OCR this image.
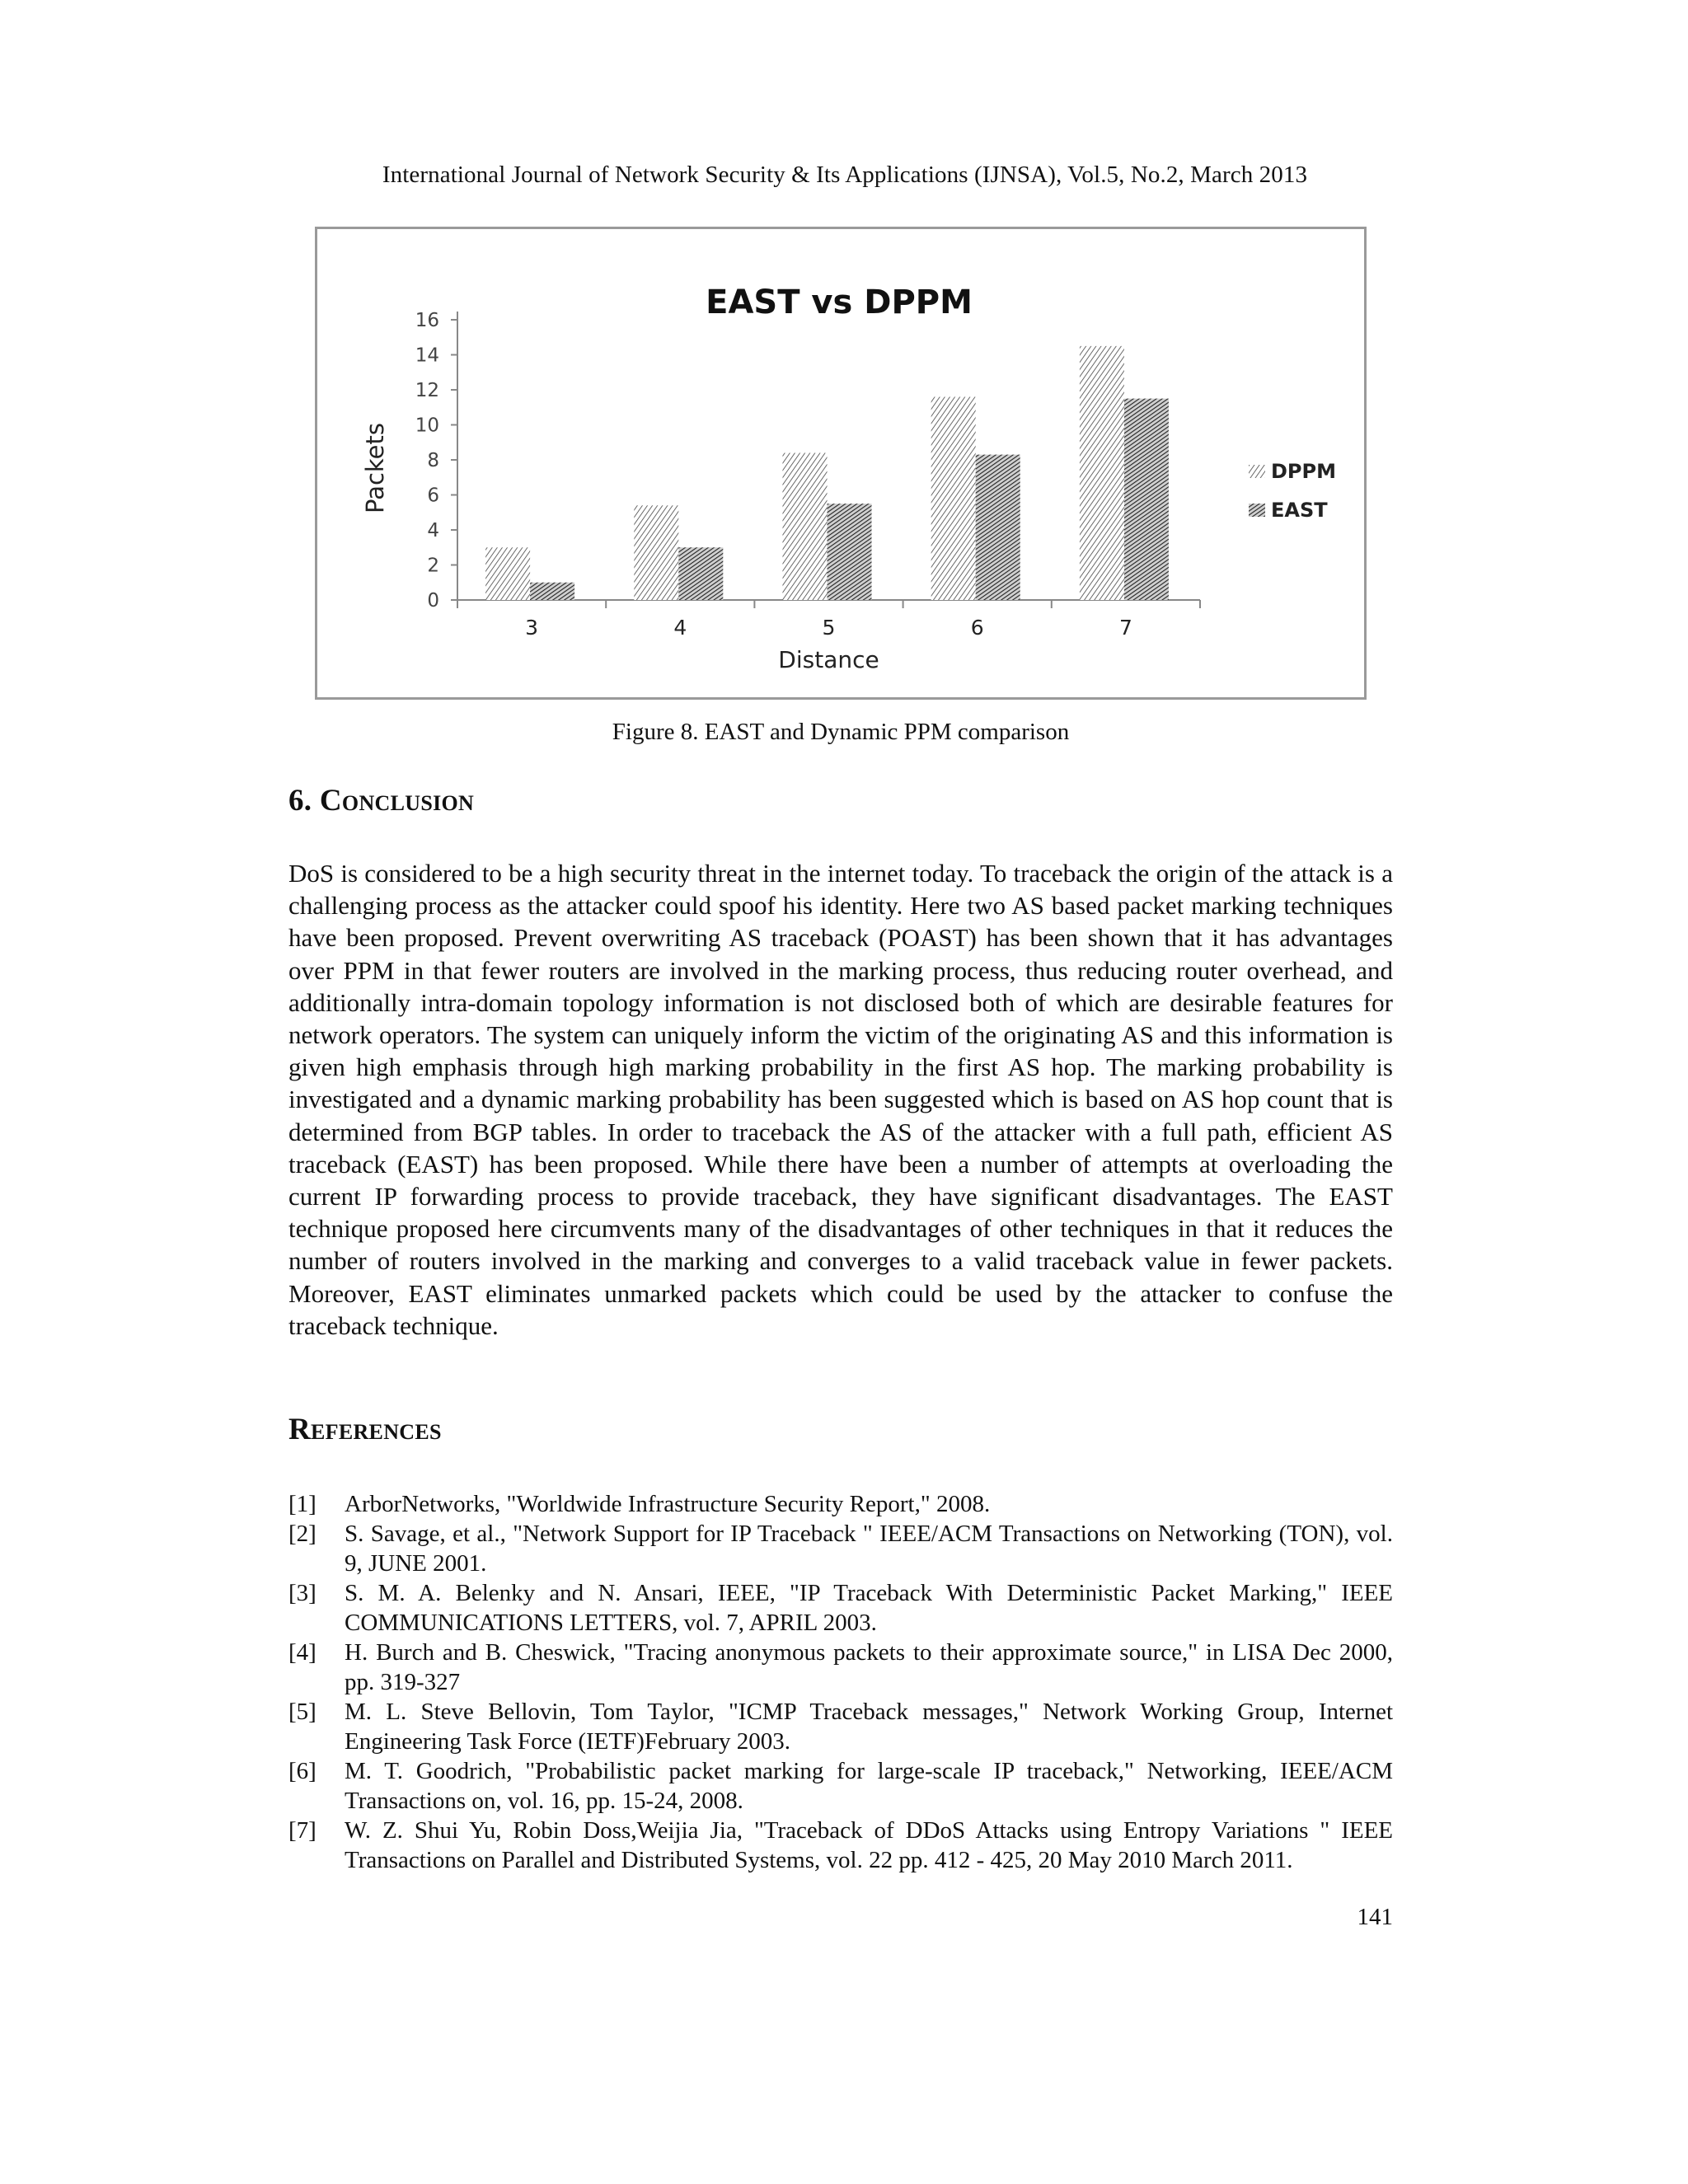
International Journal of Network Security & Its Applications (IJNSA), Vol.5, No.2, March 2013
EAST vs DPPM
0
2
4
6
8
10
12
14
16
3	4	5	6	7
Distance
Packets	DPPM
EAST
Figure 8. EAST and Dynamic PPM comparison
6. Conclusion

DoS is considered to be a high security threat in the internet today. To traceback the origin of the attack is a challenging process as the attacker could spoof his identity. Here two AS based packet marking techniques have been proposed. Prevent overwriting AS traceback (POAST) has been shown that it has advantages over PPM in that fewer routers are involved in the marking process, thus reducing router overhead, and additionally intra-domain topology information is not disclosed both of which are desirable features for network operators. The system can uniquely inform the victim of the originating AS and this information is given high emphasis through high marking probability in the first AS hop. The marking probability is investigated and a dynamic marking probability has been suggested which is based on AS hop count that is determined from BGP tables. In order to traceback the AS of the attacker with a full path, efficient AS traceback (EAST) has been proposed. While there have been a number of attempts at overloading the current IP forwarding process to provide traceback, they have significant disadvantages. The EAST technique proposed here circumvents many of the disadvantages of other techniques in that it reduces the number of routers involved in the marking and converges to a valid traceback value in fewer packets. Moreover, EAST eliminates unmarked packets which could be used by the attacker to confuse the traceback technique.

References
[1]	ArborNetworks, "Worldwide Infrastructure Security Report," 2008.
[2]	S. Savage, et al., "Network Support for IP Traceback " IEEE/ACM Transactions on Networking (TON), vol. 9, JUNE 2001.
[3]	S. M. A. Belenky and N. Ansari, IEEE, "IP Traceback With Deterministic Packet Marking," IEEE COMMUNICATIONS LETTERS, vol. 7, APRIL 2003.
[4]	H. Burch and B. Cheswick, "Tracing anonymous packets to their approximate source," in LISA Dec 2000, pp. 319-327
[5]	M. L. Steve Bellovin, Tom Taylor, "ICMP Traceback messages," Network Working Group, Internet Engineering Task Force (IETF)February 2003.
[6]	M. T. Goodrich, "Probabilistic packet marking for large-scale IP traceback," Networking, IEEE/ACM Transactions on, vol. 16, pp. 15-24, 2008.
[7]	W. Z. Shui Yu, Robin Doss,Weijia Jia, "Traceback of DDoS Attacks using Entropy Variations " IEEE Transactions on Parallel and Distributed Systems, vol. 22 pp. 412 - 425, 20 May 2010 March 2011.
141
